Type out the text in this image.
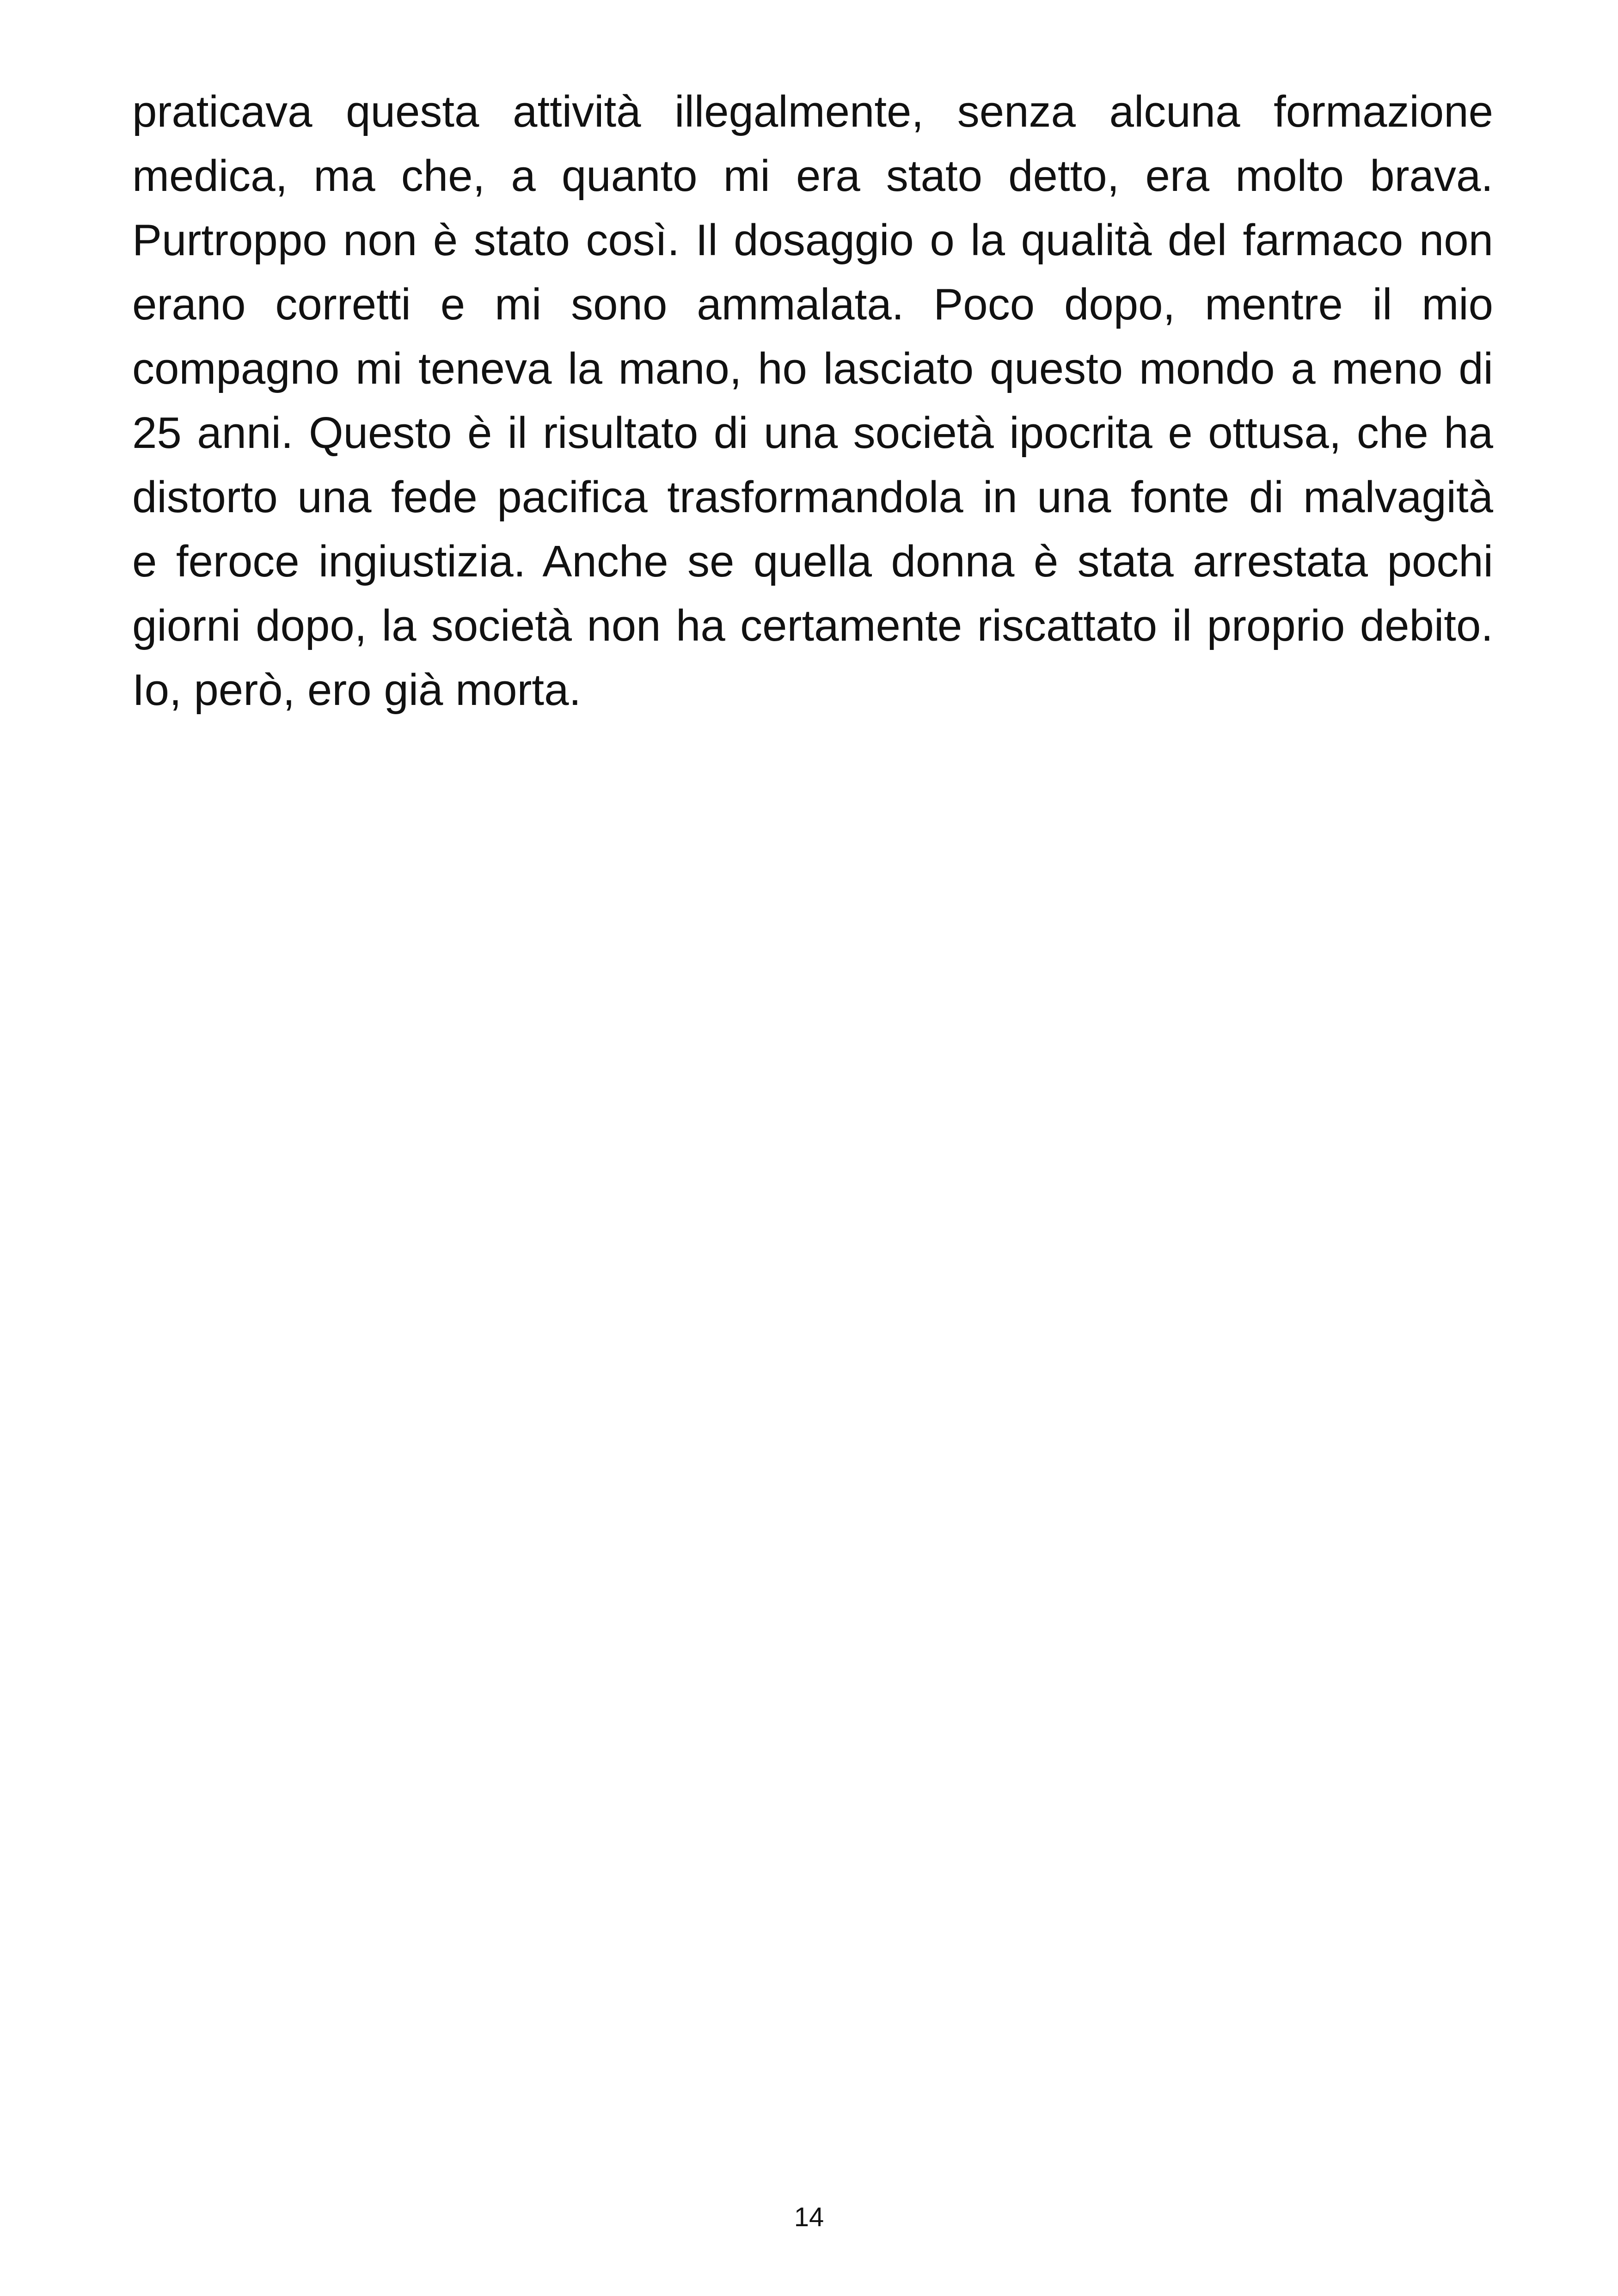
praticava questa attività illegalmente, senza alcuna formazione
medica, ma che, a quanto mi era stato detto, era molto brava.
Purtroppo non è stato così. Il dosaggio o la qualità del farmaco non
erano corretti e mi sono ammalata. Poco dopo, mentre il mio
compagno mi teneva la mano, ho lasciato questo mondo a meno di
25 anni. Questo è il risultato di una società ipocrita e ottusa, che ha
distorto una fede pacifica trasformandola in una fonte di malvagità
e feroce ingiustizia. Anche se quella donna è stata arrestata pochi
giorni dopo, la società non ha certamente riscattato il proprio debito.
Io, però, ero già morta.
14
